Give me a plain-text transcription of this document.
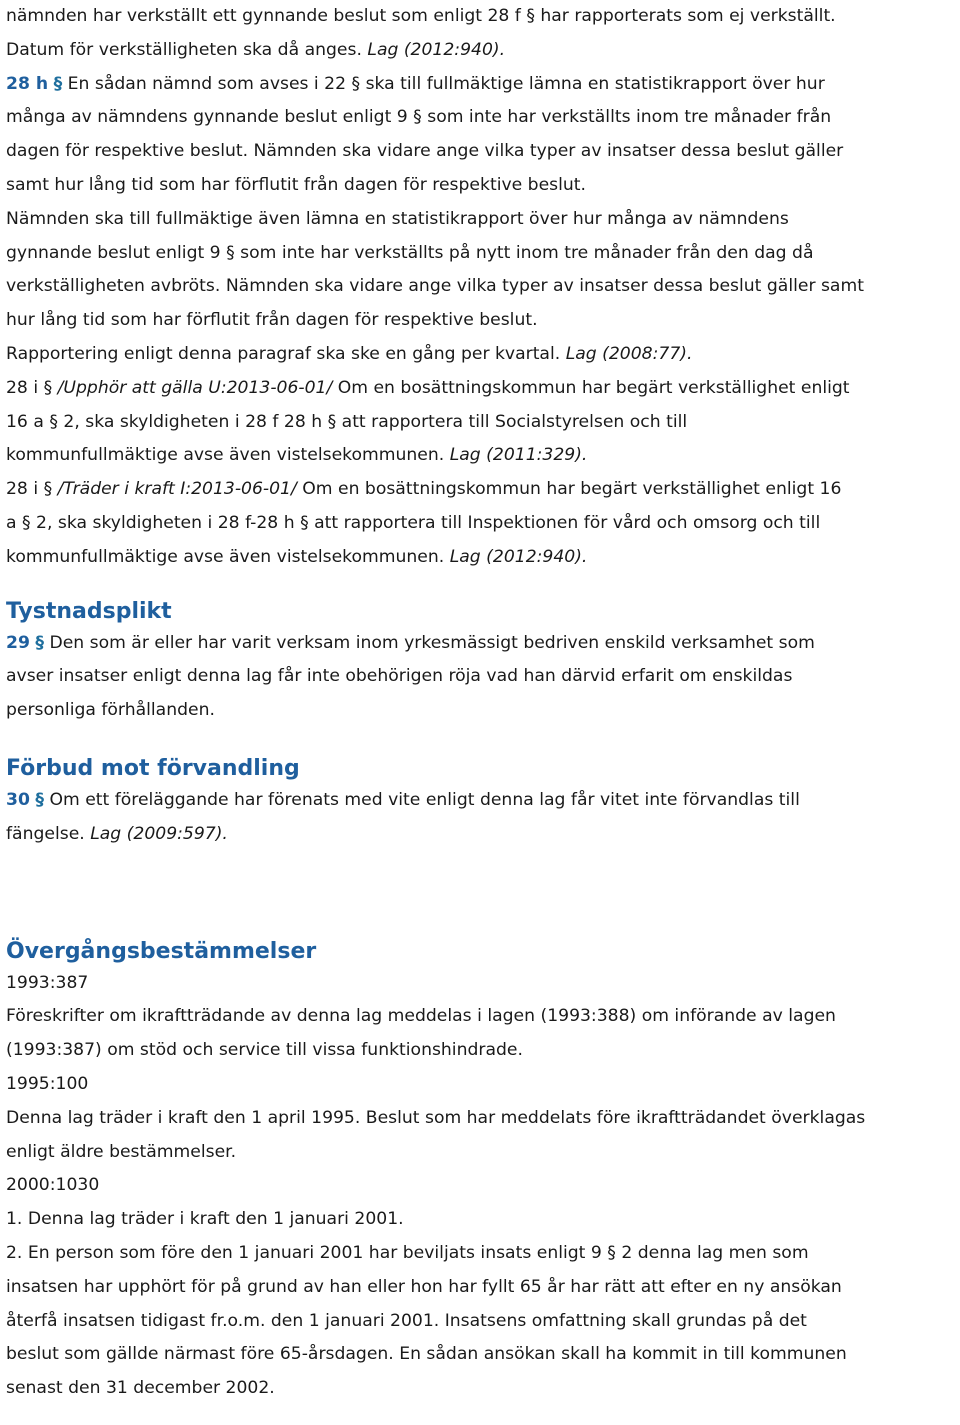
nämnden har verkställt ett gynnande beslut som enligt 28 f § har rapporterats som ej verkställt.
Datum för verkställigheten ska då anges. Lag (2012:940).
28 h § En sådan nämnd som avses i 22 § ska till fullmäktige lämna en statistikrapport över hur
många av nämndens gynnande beslut enligt 9 § som inte har verkställts inom tre månader från
dagen för respektive beslut. Nämnden ska vidare ange vilka typer av insatser dessa beslut gäller
samt hur lång tid som har förflutit från dagen för respektive beslut.
Nämnden ska till fullmäktige även lämna en statistikrapport över hur många av nämndens
gynnande beslut enligt 9 § som inte har verkställts på nytt inom tre månader från den dag då
verkställigheten avbröts. Nämnden ska vidare ange vilka typer av insatser dessa beslut gäller samt
hur lång tid som har förflutit från dagen för respektive beslut.
Rapportering enligt denna paragraf ska ske en gång per kvartal. Lag (2008:77).
28 i § /Upphör att gälla U:2013-06-01/ Om en bosättningskommun har begärt verkställighet enligt
16 a § 2, ska skyldigheten i 28 f 28 h § att rapportera till Socialstyrelsen och till
kommunfullmäktige avse även vistelsekommunen. Lag (2011:329).
28 i § /Träder i kraft I:2013-06-01/ Om en bosättningskommun har begärt verkställighet enligt 16
a § 2, ska skyldigheten i 28 f-28 h § att rapportera till Inspektionen för vård och omsorg och till
kommunfullmäktige avse även vistelsekommunen. Lag (2012:940).
Tystnadsplikt
29 § Den som är eller har varit verksam inom yrkesmässigt bedriven enskild verksamhet som
avser insatser enligt denna lag får inte obehörigen röja vad han därvid erfarit om enskildas
personliga förhållanden.
Förbud mot förvandling
30 § Om ett föreläggande har förenats med vite enligt denna lag får vitet inte förvandlas till
fängelse. Lag (2009:597).
Övergångsbestämmelser
1993:387
Föreskrifter om ikraftträdande av denna lag meddelas i lagen (1993:388) om införande av lagen
(1993:387) om stöd och service till vissa funktionshindrade.
1995:100
Denna lag träder i kraft den 1 april 1995. Beslut som har meddelats före ikraftträdandet överklagas
enligt äldre bestämmelser.
2000:1030
1. Denna lag träder i kraft den 1 januari 2001.
2. En person som före den 1 januari 2001 har beviljats insats enligt 9 § 2 denna lag men som
insatsen har upphört för på grund av han eller hon har fyllt 65 år har rätt att efter en ny ansökan
återfå insatsen tidigast fr.o.m. den 1 januari 2001. Insatsens omfattning skall grundas på det
beslut som gällde närmast före 65-årsdagen. En sådan ansökan skall ha kommit in till kommunen
senast den 31 december 2002.
